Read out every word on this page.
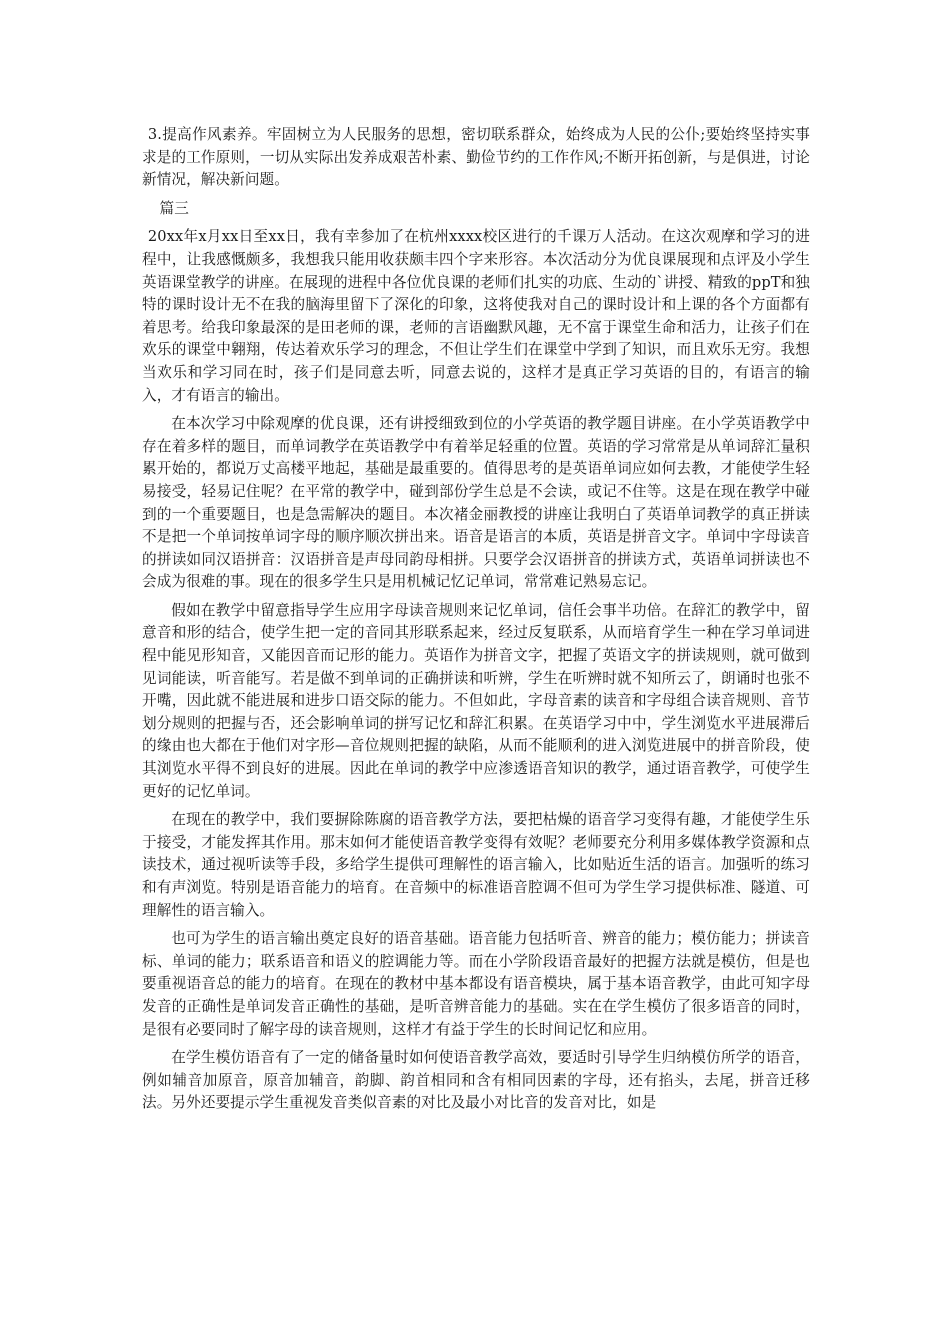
3.提高作风素养。牢固树立为人民服务的思想，密切联系群众，始终成为人民的公仆;要始终坚持实事求是的工作原则，一切从实际出发养成艰苦朴素、勤俭节约的工作作风;不断开拓创新，与是俱进，讨论新情况，解决新问题。

篇三

20xx年x月xx日至xx日，我有幸参加了在杭州xxxx校区进行的千课万人活动。在这次观摩和学习的进程中，让我感慨颇多，我想我只能用收获颇丰四个字来形容。本次活动分为优良课展现和点评及小学生英语课堂教学的讲座。在展现的进程中各位优良课的老师们扎实的功底、生动的`讲授、精致的ppT和独特的课时设计无不在我的脑海里留下了深化的印象，这将使我对自己的课时设计和上课的各个方面都有着思考。给我印象最深的是田老师的课，老师的言语幽默风趣，无不富于课堂生命和活力，让孩子们在欢乐的课堂中翱翔，传达着欢乐学习的理念，不但让学生们在课堂中学到了知识，而且欢乐无穷。我想当欢乐和学习同在时，孩子们是同意去听，同意去说的，这样才是真正学习英语的目的，有语言的输入，才有语言的输出。

在本次学习中除观摩的优良课，还有讲授细致到位的小学英语的教学题目讲座。在小学英语教学中存在着多样的题目，而单词教学在英语教学中有着举足轻重的位置。英语的学习常常是从单词辞汇量积累开始的，都说万丈高楼平地起，基础是最重要的。值得思考的是英语单词应如何去教，才能使学生轻易接受，轻易记住呢？在平常的教学中，碰到部份学生总是不会读，或记不住等。这是在现在教学中碰到的一个重要题目，也是急需解决的题目。本次褚金丽教授的讲座让我明白了英语单词教学的真正拼读不是把一个单词按单词字母的顺序顺次拼出来。语音是语言的本质，英语是拼音文字。单词中字母读音的拼读如同汉语拼音：汉语拼音是声母同韵母相拼。只要学会汉语拼音的拼读方式，英语单词拼读也不会成为很难的事。现在的很多学生只是用机械记忆记单词，常常难记熟易忘记。

假如在教学中留意指导学生应用字母读音规则来记忆单词，信任会事半功倍。在辞汇的教学中，留意音和形的结合，使学生把一定的音同其形联系起来，经过反复联系，从而培育学生一种在学习单词进程中能见形知音，又能因音而记形的能力。英语作为拼音文字，把握了英语文字的拼读规则，就可做到见词能读，听音能写。若是做不到单词的正确拼读和听辨，学生在听辨时就不知所云了，朗诵时也张不开嘴，因此就不能进展和进步口语交际的能力。不但如此，字母音素的读音和字母组合读音规则、音节划分规则的把握与否，还会影响单词的拼写记忆和辞汇积累。在英语学习中中，学生浏览水平进展滞后的缘由也大都在于他们对字形—音位规则把握的缺陷，从而不能顺利的进入浏览进展中的拼音阶段，使其浏览水平得不到良好的进展。因此在单词的教学中应渗透语音知识的教学，通过语音教学，可使学生更好的记忆单词。

在现在的教学中，我们要摒除陈腐的语音教学方法，要把枯燥的语音学习变得有趣，才能使学生乐于接受，才能发挥其作用。那末如何才能使语音教学变得有效呢？老师要充分利用多媒体教学资源和点读技术，通过视听读等手段，多给学生提供可理解性的语言输入，比如贴近生活的语言。加强听的练习和有声浏览。特别是语音能力的培育。在音频中的标准语音腔调不但可为学生学习提供标准、隧道、可理解性的语言输入。

也可为学生的语言输出奠定良好的语音基础。语音能力包括听音、辨音的能力；模仿能力；拼读音标、单词的能力；联系语音和语义的腔调能力等。而在小学阶段语音最好的把握方法就是模仿，但是也要重视语音总的能力的培育。在现在的教材中基本都设有语音模块，属于基本语音教学，由此可知字母发音的正确性是单词发音正确性的基础，是听音辨音能力的基础。实在在学生模仿了很多语音的同时，是很有必要同时了解字母的读音规则，这样才有益于学生的长时间记忆和应用。

在学生模仿语音有了一定的储备量时如何使语音教学高效，要适时引导学生归纳模仿所学的语音，例如辅音加原音，原音加辅音，韵脚、韵首相同和含有相同因素的字母，还有掐头，去尾，拼音迁移法。另外还要提示学生重视发音类似音素的对比及最小对比音的发音对比，如是
